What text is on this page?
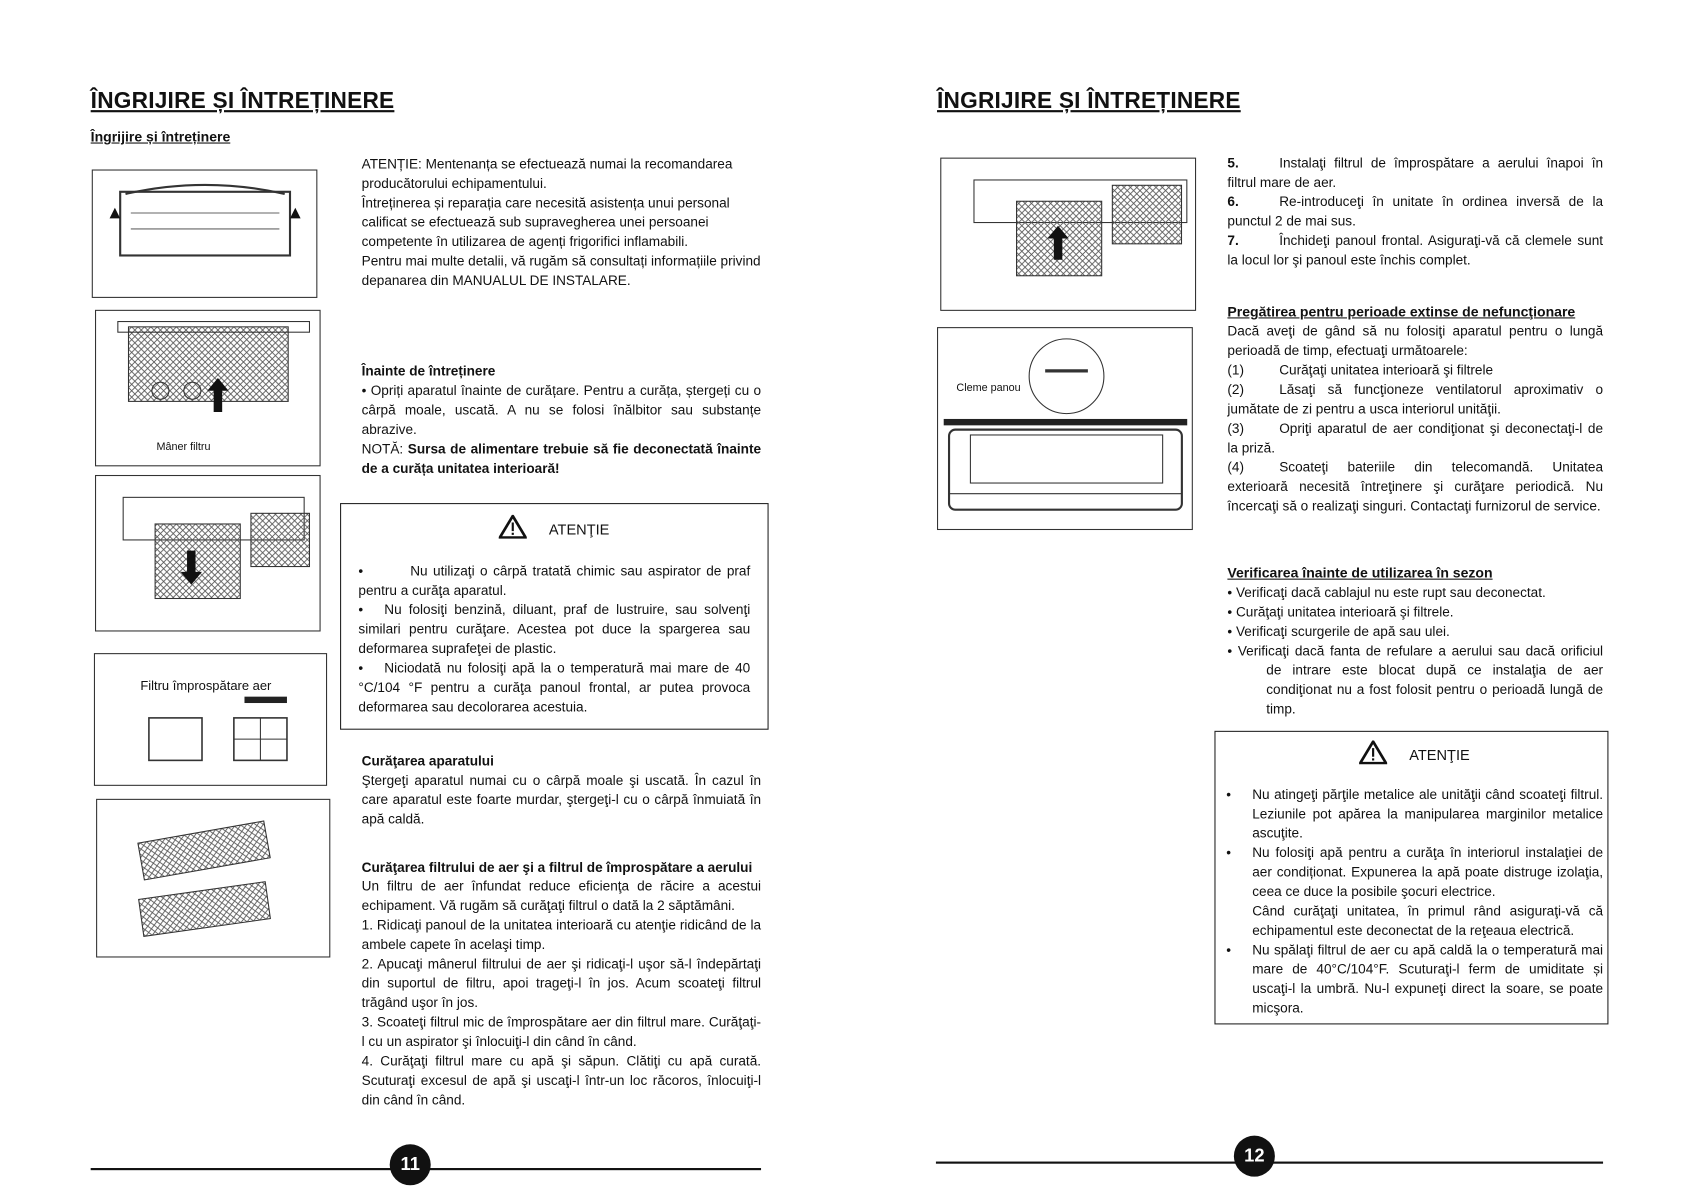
ÎNGRIJIRE ȘI ÎNTREȚINERE
Îngrijire și întreținere
Mâner filtru
Filtru împrospătare aer

ATENȚIE: Mentenanța se efectuează numai la recomandarea producătorului echipamentului.

Întreținerea și reparația care necesită asistența unui personal calificat se efectuează sub supravegherea unei persoanei competente în utilizarea de agenți frigorifici inflamabili.

Pentru mai multe detalii, vă rugăm să consultați informațiile privind depanarea din MANUALUL DE INSTALARE.

Înainte de întreținere

• Opriți aparatul înainte de curățare. Pentru a curăța, ștergeți cu o cârpă moale, uscată. A nu se folosi înălbitor sau substanțe abrazive.

NOTĂ: Sursa de alimentare trebuie să fie deconectată înainte de a curăța unitatea interioară!

ATENŢIE

•	Nu utilizaţi o cârpă tratată chimic sau aspirator de praf pentru a curăţa aparatul.

• Nu folosiţi benzină, diluant, praf de lustruire, sau solvenţi similari pentru curăţare. Acestea pot duce la spargerea sau deformarea suprafeţei de plastic.

• Niciodată nu folosiţi apă la o temperatură mai mare de 40 °C/104 °F pentru a curăţa panoul frontal, ar putea provoca deformarea sau decolorarea acestuia.

Curăţarea aparatului

Ştergeţi aparatul numai cu o cârpă moale şi uscată. În cazul în care aparatul este foarte murdar, ştergeţi-l cu o cârpă înmuiată în apă caldă.

Curăţarea filtrului de aer şi a filtrul de împrospătare a aerului

Un filtru de aer înfundat reduce eficienţa de răcire a acestui echipament. Vă rugăm să curăţaţi filtrul o dată la 2 săptămâni.

1. Ridicaţi panoul de la unitatea interioară cu atenţie ridicând de la ambele capete în acelaşi timp.

2. Apucaţi mânerul filtrului de aer şi ridicaţi-l uşor să-l îndepărtaţi din suportul de filtru, apoi trageţi-l în jos. Acum scoateţi filtrul trăgând uşor în jos.

3. Scoateţi filtrul mic de împrospătare aer din filtrul mare. Curăţaţi-l cu un aspirator şi înlocuiţi-l din când în când.

4. Curăţaţi filtrul mare cu apă şi săpun. Clătiţi cu apă curată. Scuturaţi excesul de apă şi uscaţi-l într-un loc răcoros, înlocuiţi-l din când în când.

11
ÎNGRIJIRE ȘI ÎNTREȚINERE
Cleme panou

5.	Instalaţi filtrul de împrospătare a aerului înapoi în filtrul mare de aer.

6.	Re-introduceţi în unitate în ordinea inversă de la punctul 2 de mai sus.

7.	Închideţi panoul frontal. Asiguraţi-vă că clemele sunt la locul lor şi panoul este închis complet.

Pregătirea pentru perioade extinse de nefuncţionare

Dacă aveţi de gând să nu folosiţi aparatul pentru o lungă perioadă de timp, efectuaţi următoarele:

(1)	Curăţaţi unitatea interioară şi filtrele

(2)	Lăsaţi să funcţioneze ventilatorul aproximativ o jumătate de zi pentru a usca interiorul unităţii.

(3)	Opriţi aparatul de aer condiţionat şi deconectaţi-l de la priză.

(4)	Scoateţi bateriile din telecomandă. Unitatea exterioară necesită întreţinere şi curăţare periodică. Nu încercaţi să o realizaţi singuri. Contactaţi furnizorul de service.

Verificarea înainte de utilizarea în sezon

• Verificaţi dacă cablajul nu este rupt sau deconectat.

• Curăţaţi unitatea interioară şi filtrele.

• Verificaţi scurgerile de apă sau ulei.

• Verificaţi dacă fanta de refulare a aerului sau dacă orificiul de intrare este blocat după ce instalaţia de aer condiţionat nu a fost folosit pentru o perioadă lungă de timp.

ATENŢIE

• Nu atingeţi părţile metalice ale unităţii când scoateţi filtrul. Leziunile pot apărea la manipularea marginilor metalice ascuţite.

• Nu folosiţi apă pentru a curăţa în interiorul instalaţiei de aer condiționat. Expunerea la apă poate distruge izolaţia, ceea ce duce la posibile şocuri electrice.

Când curăţaţi unitatea, în primul rând asiguraţi-vă că echipamentul este deconectat de la reţeaua electrică.

• Nu spălaţi filtrul de aer cu apă caldă la o temperatură mai mare de 40°C/104°F. Scuturaţi-l ferm de umiditate și uscaţi-l la umbră. Nu-l expuneţi direct la soare, se poate micşora.

12
